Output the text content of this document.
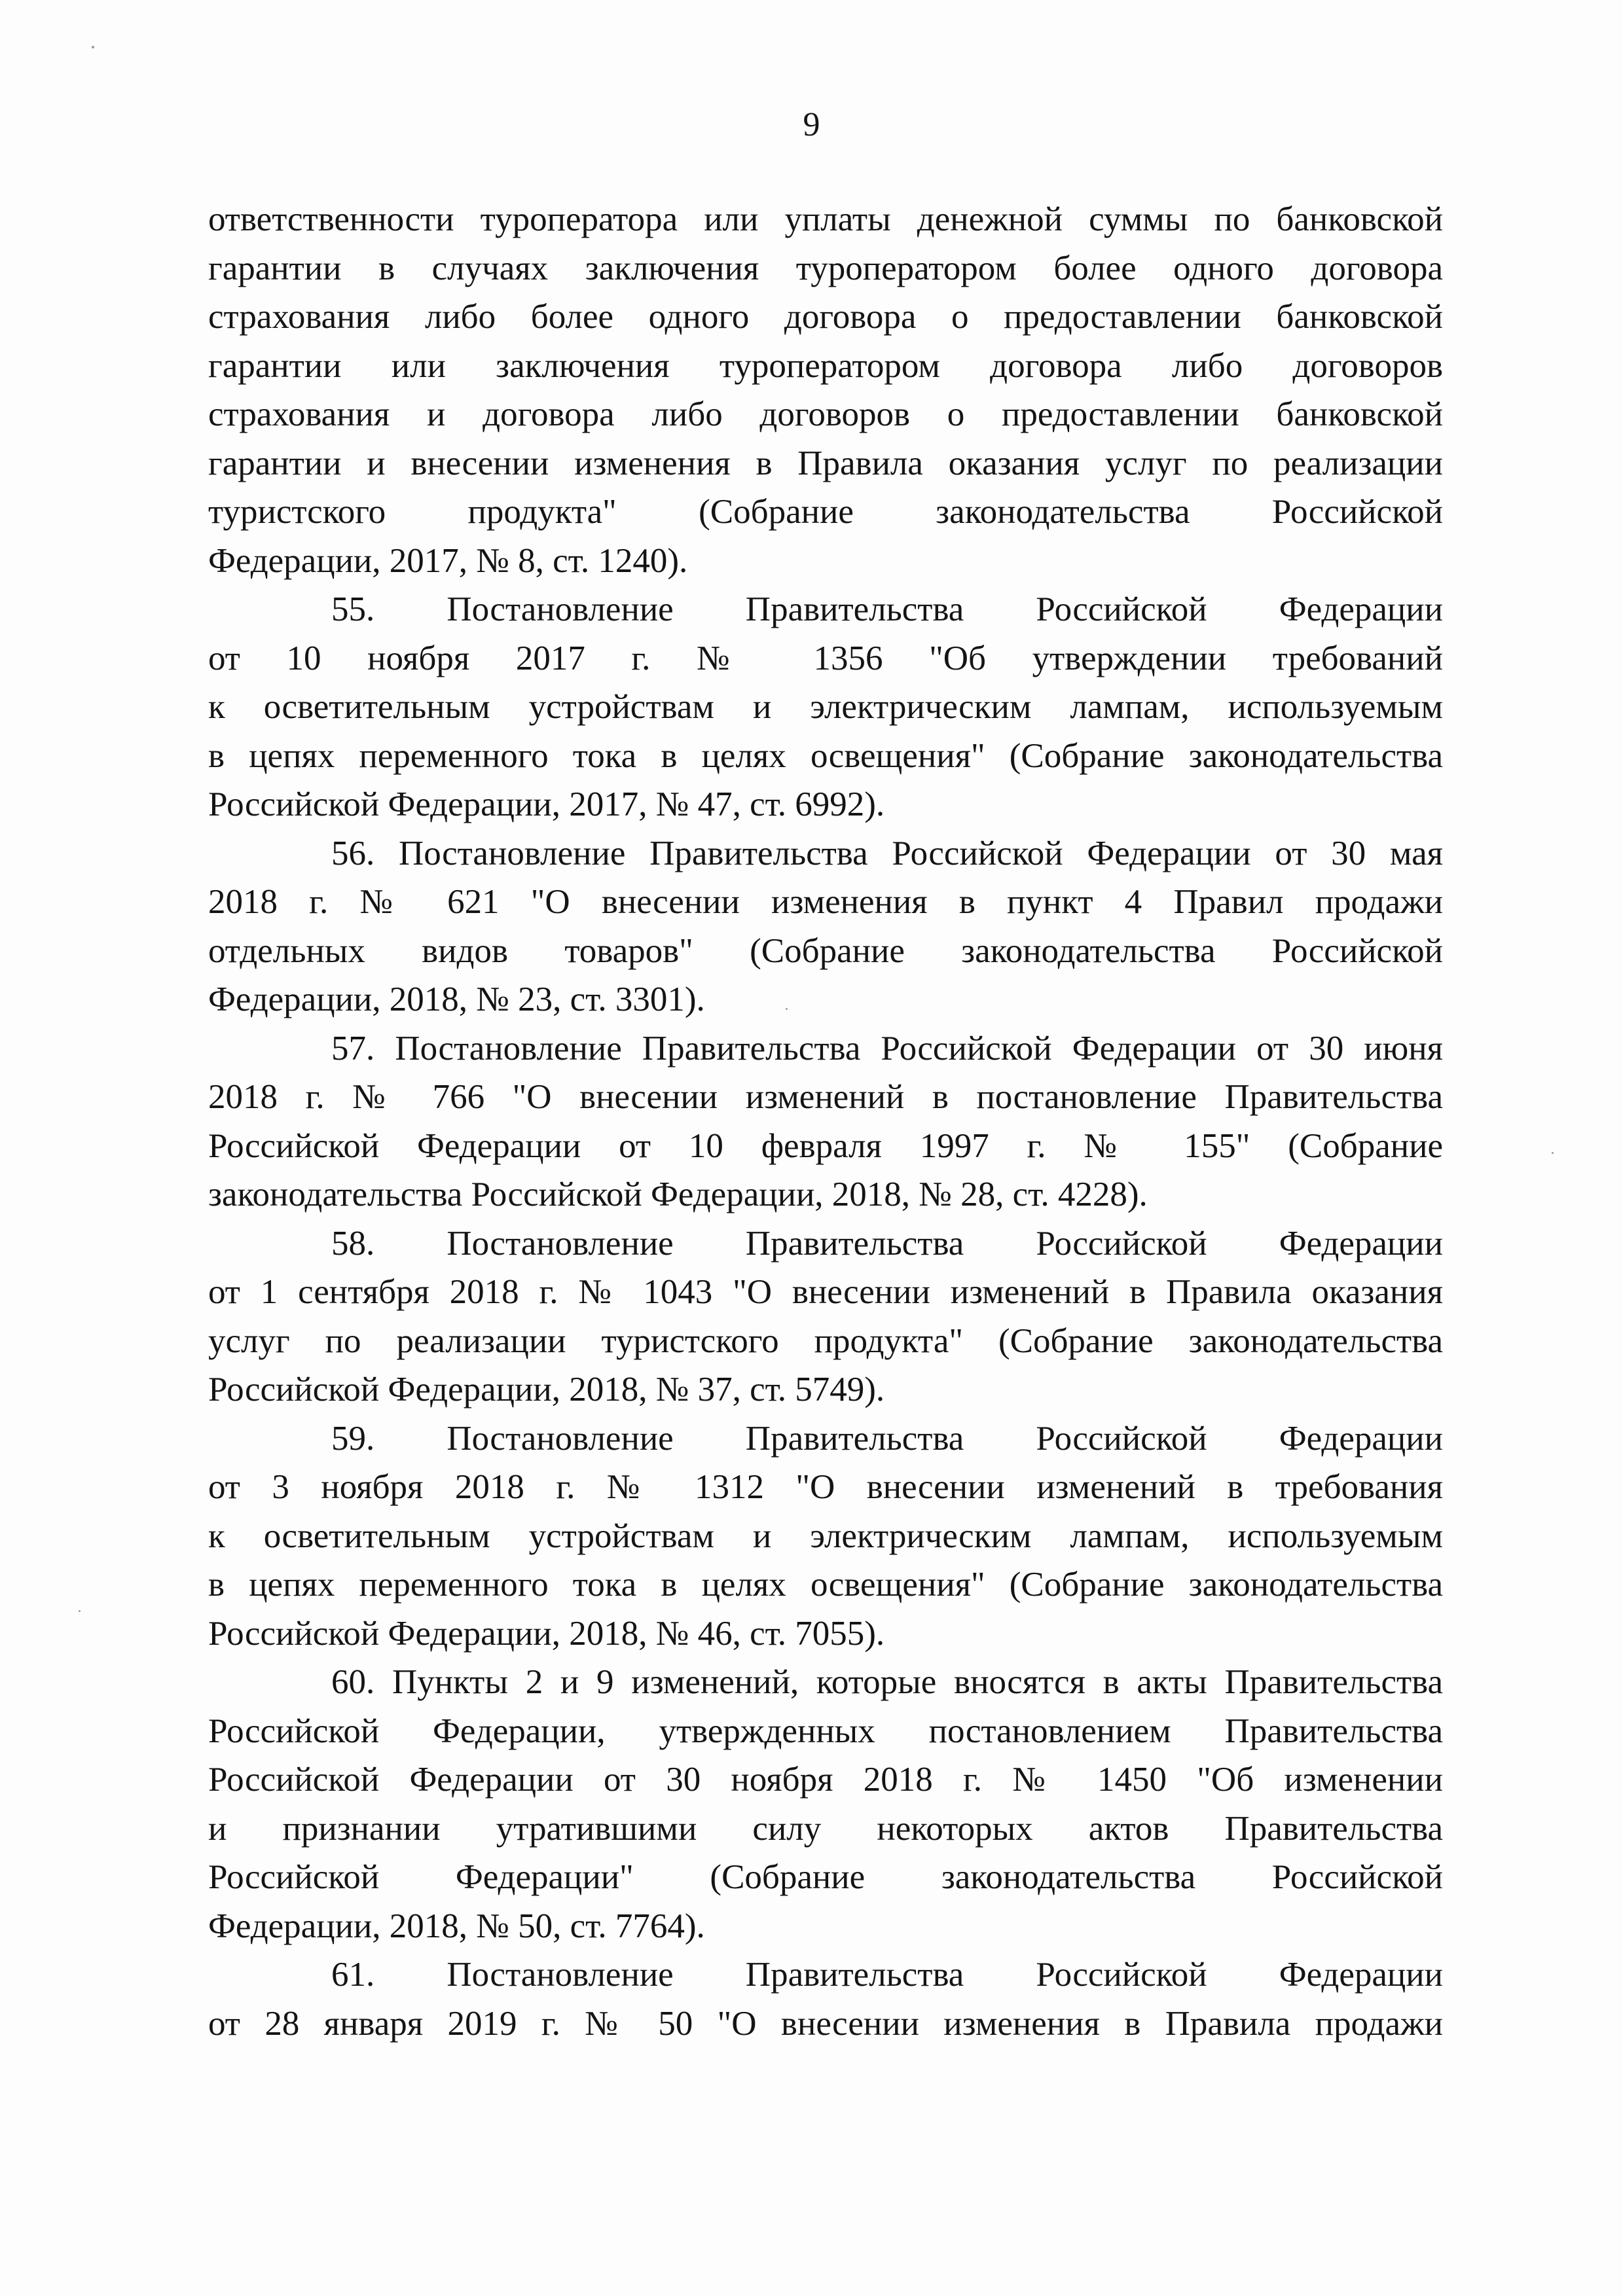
9
ответственности туроператора или уплаты денежной суммы по банковской
гарантии в случаях заключения туроператором более одного договора
страхования либо более одного договора о предоставлении банковской
гарантии или заключения туроператором договора либо договоров
страхования и договора либо договоров о предоставлении банковской
гарантии и внесении изменения в Правила оказания услуг по реализации
туристского продукта" (Собрание законодательства Российской
Федерации, 2017, № 8, ст. 1240).
55. Постановление Правительства Российской Федерации
от 10 ноября 2017 г. № 1356 "Об утверждении требований
к осветительным устройствам и электрическим лампам, используемым
в цепях переменного тока в целях освещения" (Собрание законодательства
Российской Федерации, 2017, № 47, ст. 6992).
56. Постановление Правительства Российской Федерации от 30 мая
2018 г. № 621 "О внесении изменения в пункт 4 Правил продажи
отдельных видов товаров" (Собрание законодательства Российской
Федерации, 2018, № 23, ст. 3301).
57. Постановление Правительства Российской Федерации от 30 июня
2018 г. № 766 "О внесении изменений в постановление Правительства
Российской Федерации от 10 февраля 1997 г. № 155" (Собрание
законодательства Российской Федерации, 2018, № 28, ст. 4228).
58. Постановление Правительства Российской Федерации
от 1 сентября 2018 г. № 1043 "О внесении изменений в Правила оказания
услуг по реализации туристского продукта" (Собрание законодательства
Российской Федерации, 2018, № 37, ст. 5749).
59. Постановление Правительства Российской Федерации
от 3 ноября 2018 г. № 1312 "О внесении изменений в требования
к осветительным устройствам и электрическим лампам, используемым
в цепях переменного тока в целях освещения" (Собрание законодательства
Российской Федерации, 2018, № 46, ст. 7055).
60. Пункты 2 и 9 изменений, которые вносятся в акты Правительства
Российской Федерации, утвержденных постановлением Правительства
Российской Федерации от 30 ноября 2018 г. № 1450 "Об изменении
и признании утратившими силу некоторых актов Правительства
Российской Федерации" (Собрание законодательства Российской
Федерации, 2018, № 50, ст. 7764).
61. Постановление Правительства Российской Федерации
от 28 января 2019 г. № 50 "О внесении изменения в Правила продажи
